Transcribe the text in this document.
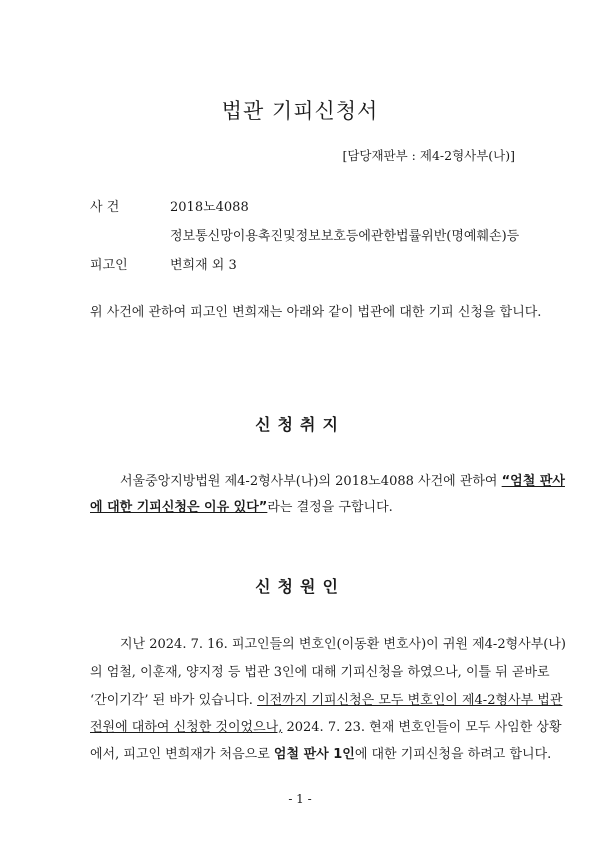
법관 기피신청서
[담당재판부 : 제4-2형사부(나)]
사 건	2018노4088
정보통신망이용촉진및정보보호등에관한법률위반(명예훼손)등
피고인	변희재 외 3
위 사건에 관하여 피고인 변희재는 아래와 같이 법관에 대한 기피 신청을 합니다.
신청취지
서울중앙지방법원 제4-2형사부(나)의 2018노4088 사건에 관하여 “엄철 판사
에 대한 기피신청은 이유 있다”라는 결정을 구합니다.
신청원인
지난 2024. 7. 16. 피고인들의 변호인(이동환 변호사)이 귀원 제4-2형사부(나)
의 엄철, 이훈재, 양지정 등 법관 3인에 대해 기피신청을 하였으나, 이틀 뒤 곧바로
‘간이기각’ 된 바가 있습니다. 이전까지 기피신청은 모두 변호인이 제4-2형사부 법관
전원에 대하여 신청한 것이었으나, 2024. 7. 23. 현재 변호인들이 모두 사임한 상황
에서, 피고인 변희재가 처음으로 엄철 판사 1인에 대한 기피신청을 하려고 합니다.
- 1 -
